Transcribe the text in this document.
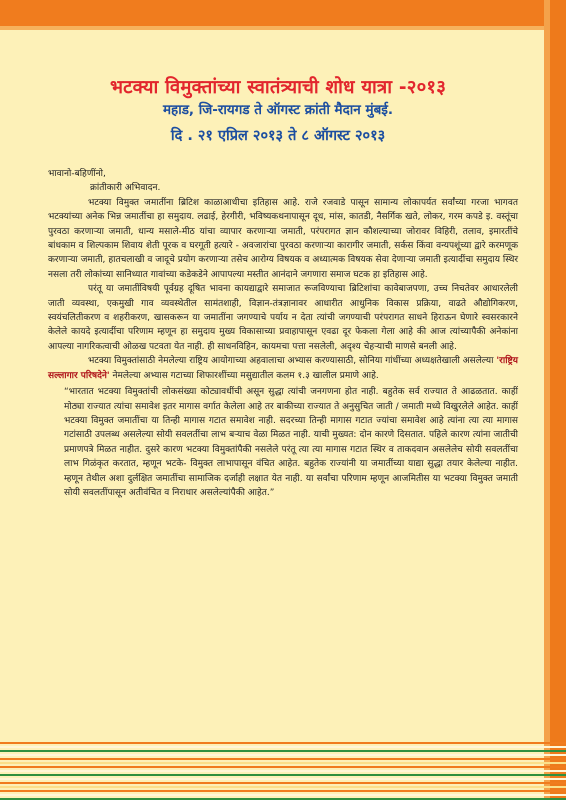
भटक्या विमुक्तांच्या स्वातंत्र्याची शोध यात्रा -२०१३
महाड, जि-रायगड ते ऑगस्ट क्रांती मैदान मुंबई.
दि . २१ एप्रिल २०१३ ते ८ ऑगस्ट २०१३

भावानो-बहिणींनो,

क्रांतीकारी अभिवादन.

भटक्या विमुक्त जमातींना ब्रिटिश काळाआधीचा इतिहास आहे. राजे रजवाडे पासून सामान्य लोकापर्यत सर्वांच्या गरजा भागवत भटक्यांच्या अनेक भिन्न जमातींचा हा समुदाय. लढाई, हेरगीरी, भविष्यकथनापासून दूध, मांस, कातडी, नैसर्गिक खते, लोकर, गरम कपडे इ. वस्तूंचा पुरवठा करणाऱ्या जमाती, धान्य मसाले-मीठ यांचा व्यापार करणाऱ्या जमाती, परंपरागत ज्ञान कौशल्याच्या जोरावर विहिरी, तलाव, इमारतींचे बांधकाम व शिल्पकाम शिवाय शेती पूरक व घरगूती हत्यारे - अवजारांचा पुरवठा करणाऱ्या कारागीर जमाती, सर्कस किंवा वन्यपशूंच्या द्वारे करमणूक करणाऱ्या जमाती, हातचलाखी व जादूचे प्रयोग करणाऱ्या तसेच आरोग्य विषयक व अध्यात्मक विषयक सेवा देणाऱ्या जमाती इत्यादींचा समुदाय स्थिर नसला तरी लोकांच्या सानिध्यात गावांच्या कडेकडेने आपापल्या मस्तीत आनंदाने जगणारा समाज घटक हा इतिहास आहे.

परंतू या जमातींविषयी पूर्वग्रह दूषित भावना कायद्याद्वारे समाजात रूजविण्याचा ब्रिटिशांचा कावेबाजपणा, उच्च निचतेवर आधारलेली जाती व्यवस्था, एकमुखी गाव व्यवस्थेतील सामंतशाही, विज्ञान-तंत्रज्ञानावर आधारीत आधुनिक विकास प्रक्रिया, वाढते औद्योगिकरण, स्वयंचलितीकरण व शहरीकरण, खासकरून या जमातींना जगण्याचे पर्याय न देता त्यांची जगण्याची परंपरागत साधने हिराऊन घेणारे स्वसरकारने केलेले कायदे इत्यादींचा परिणाम म्हणून हा समुदाय मुख्य विकासाच्या प्रवाहापासून एवढा दूर फेकला गेला आहे की आज त्यांच्यापैकी अनेकांना आपल्या नागरिकत्वाची ओळख पटवता येत नाही. ही साधनविहिन, कायमचा पत्ता नसलेली, अदृश्य चेहऱ्याची माणसे बनली आहे.

भटक्या विमुक्तांसाठी नेमलेल्या राष्ट्रिय आयोगाच्या अहवालाचा अभ्यास करण्यासाठी, सोनिया गांधींच्या अध्यक्षतेखाली असलेल्या 'राष्ट्रिय सल्लागार परिषदेने' नेमलेल्या अभ्यास गटाच्या शिफारशींच्या मसुद्यातील कलम १.३ खालील प्रमाणे आहे.

“भारतात भटक्या विमुक्तांची लोकसंख्या कोट्यावधींची असून सुद्धा त्यांची जनगणना होत नाही. बहुतेक सर्व राज्यात ते आढळतात. काहीं मोठ्या राज्यात त्यांचा समावेश इतर मागास वर्गात केलेला आहे तर बाकीच्या राज्यात ते अनुसुचित जाती / जमाती मध्ये विखुरलेले आहेत. काहीं भटक्या विमुक्त जमातींचा या तिन्ही मागास गटात समावेश नाही. सदरच्या तिन्ही मागास गटात ज्यांचा समावेश आहे त्यांना त्या त्या मागास गटांसाठी उपलब्ध असलेल्या सोयी सवलतींचा लाभ बऱ्याच वेळा मिळत नाही. याची मुख्यत: दोन कारणे दिसतात. पहिले कारण त्यांना जातीची प्रमाणपत्रे मिळत नाहीत. दुसरे कारण भटक्या विमुक्तांपैकी नसलेले परंतू त्या त्या मागास गटात स्थिर व ताकदवान असलेलेच सोयी सवलतींचा लाभ गिळंकृत करतात, म्हणून भटके- विमुक्त लाभापासून वंचित आहेत. बहुतेक राज्यांनी या जमातींच्या याद्या सुद्धा तयार केलेल्या नाहीत. म्हणून तेथील अशा दुर्लक्षित जमातींचा सामाजिक दर्जाही लक्षात येत नाही. या सर्वांचा परिणाम म्हणून आजमितीस या भटक्या विमुक्त जमाती सोयी सवलतींपासून अतीवंचित व निराधार असलेल्यांपैकी आहेत.”
